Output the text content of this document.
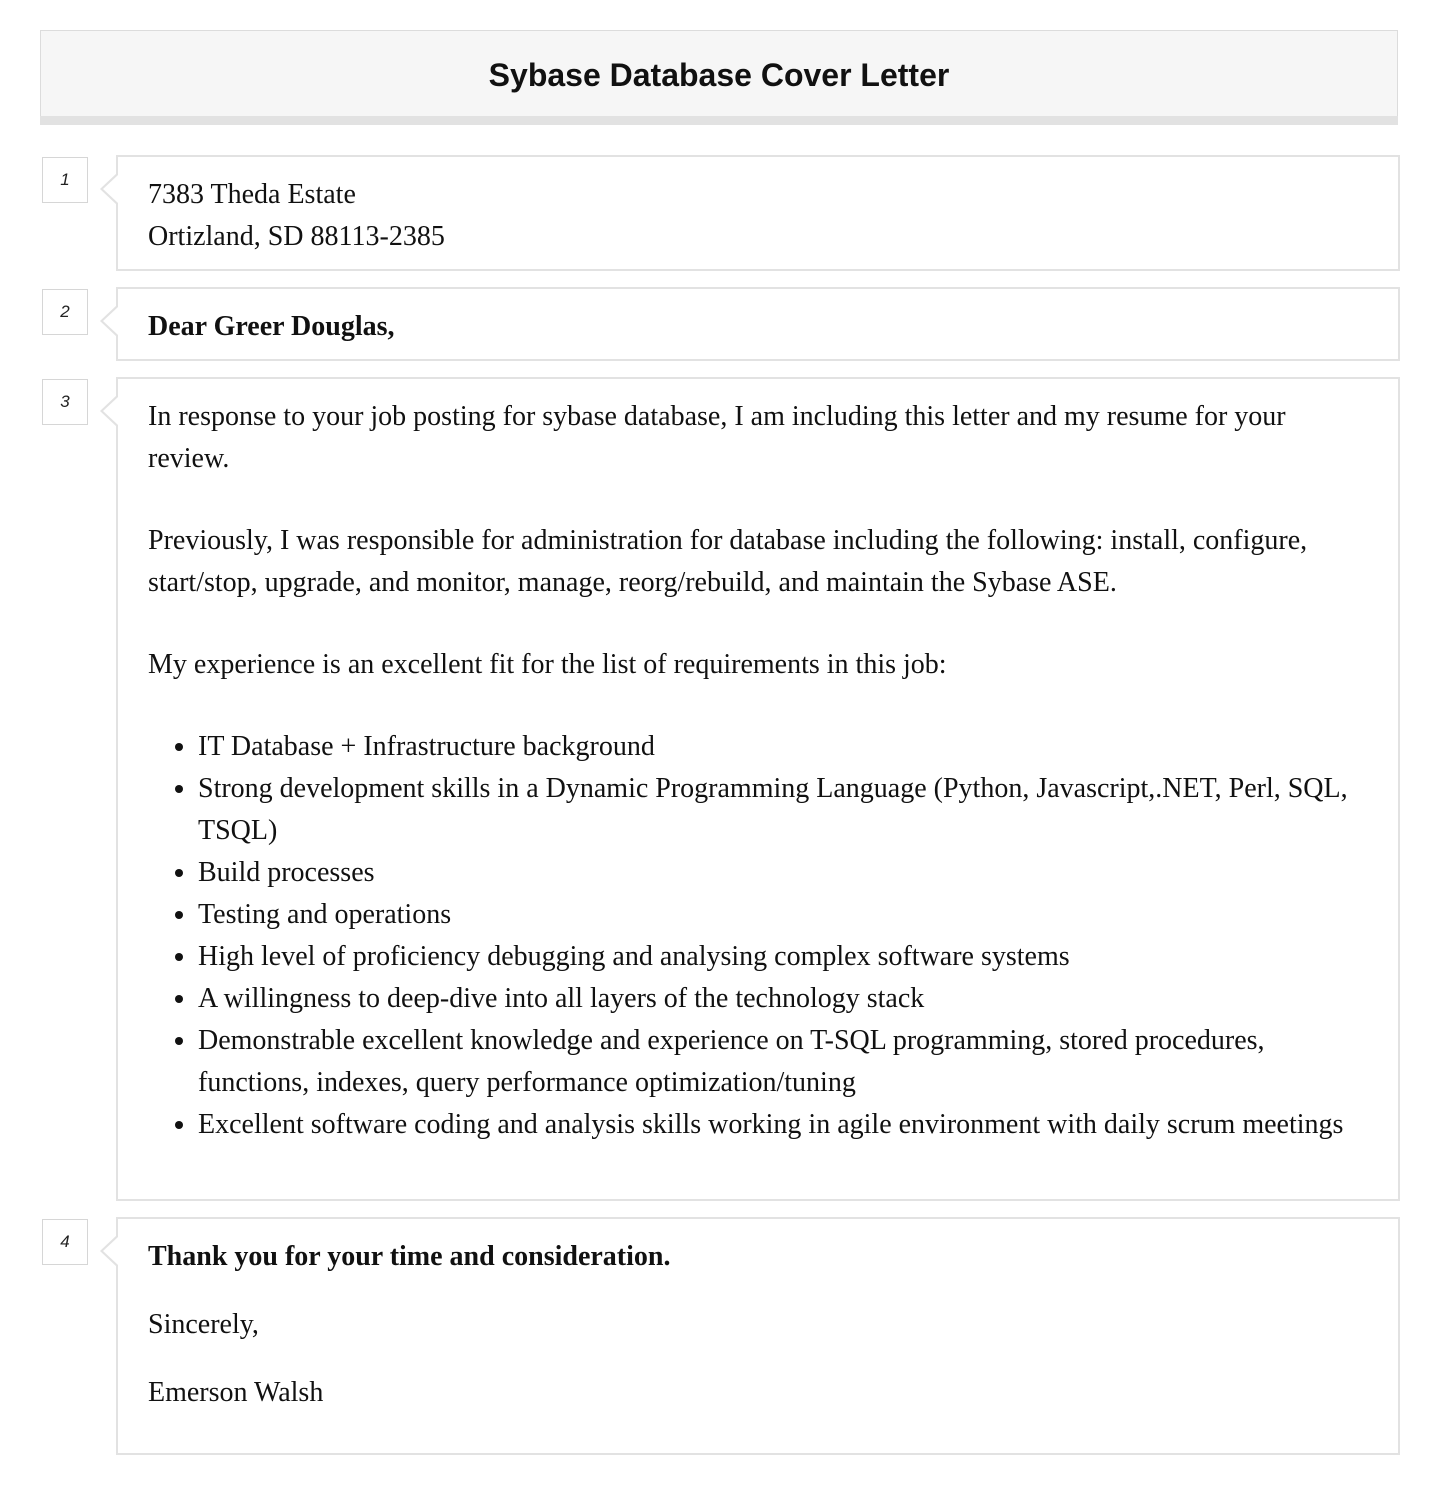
Sybase Database Cover Letter
1	7383 Theda Estate

Ortizland, SD 88113-2385

2	Dear Greer Douglas,

3	In response to your job posting for sybase database, I am including this letter and my resume for your review.

Previously, I was responsible for administration for database including the following: install, configure, start/stop, upgrade, and monitor, manage, reorg/rebuild, and maintain the Sybase ASE.

My experience is an excellent fit for the list of requirements in this job:

• IT Database + Infrastructure background
• Strong development skills in a Dynamic Programming Language (Python, Javascript,.NET, Perl, SQL, TSQL)
• Build processes
• Testing and operations
• High level of proficiency debugging and analysing complex software systems
• A willingness to deep-dive into all layers of the technology stack
• Demonstrable excellent knowledge and experience on T-SQL programming, stored procedures, functions, indexes, query performance optimization/tuning
• Excellent software coding and analysis skills working in agile environment with daily scrum meetings
4	Thank you for your time and consideration.

Sincerely,

Emerson Walsh
